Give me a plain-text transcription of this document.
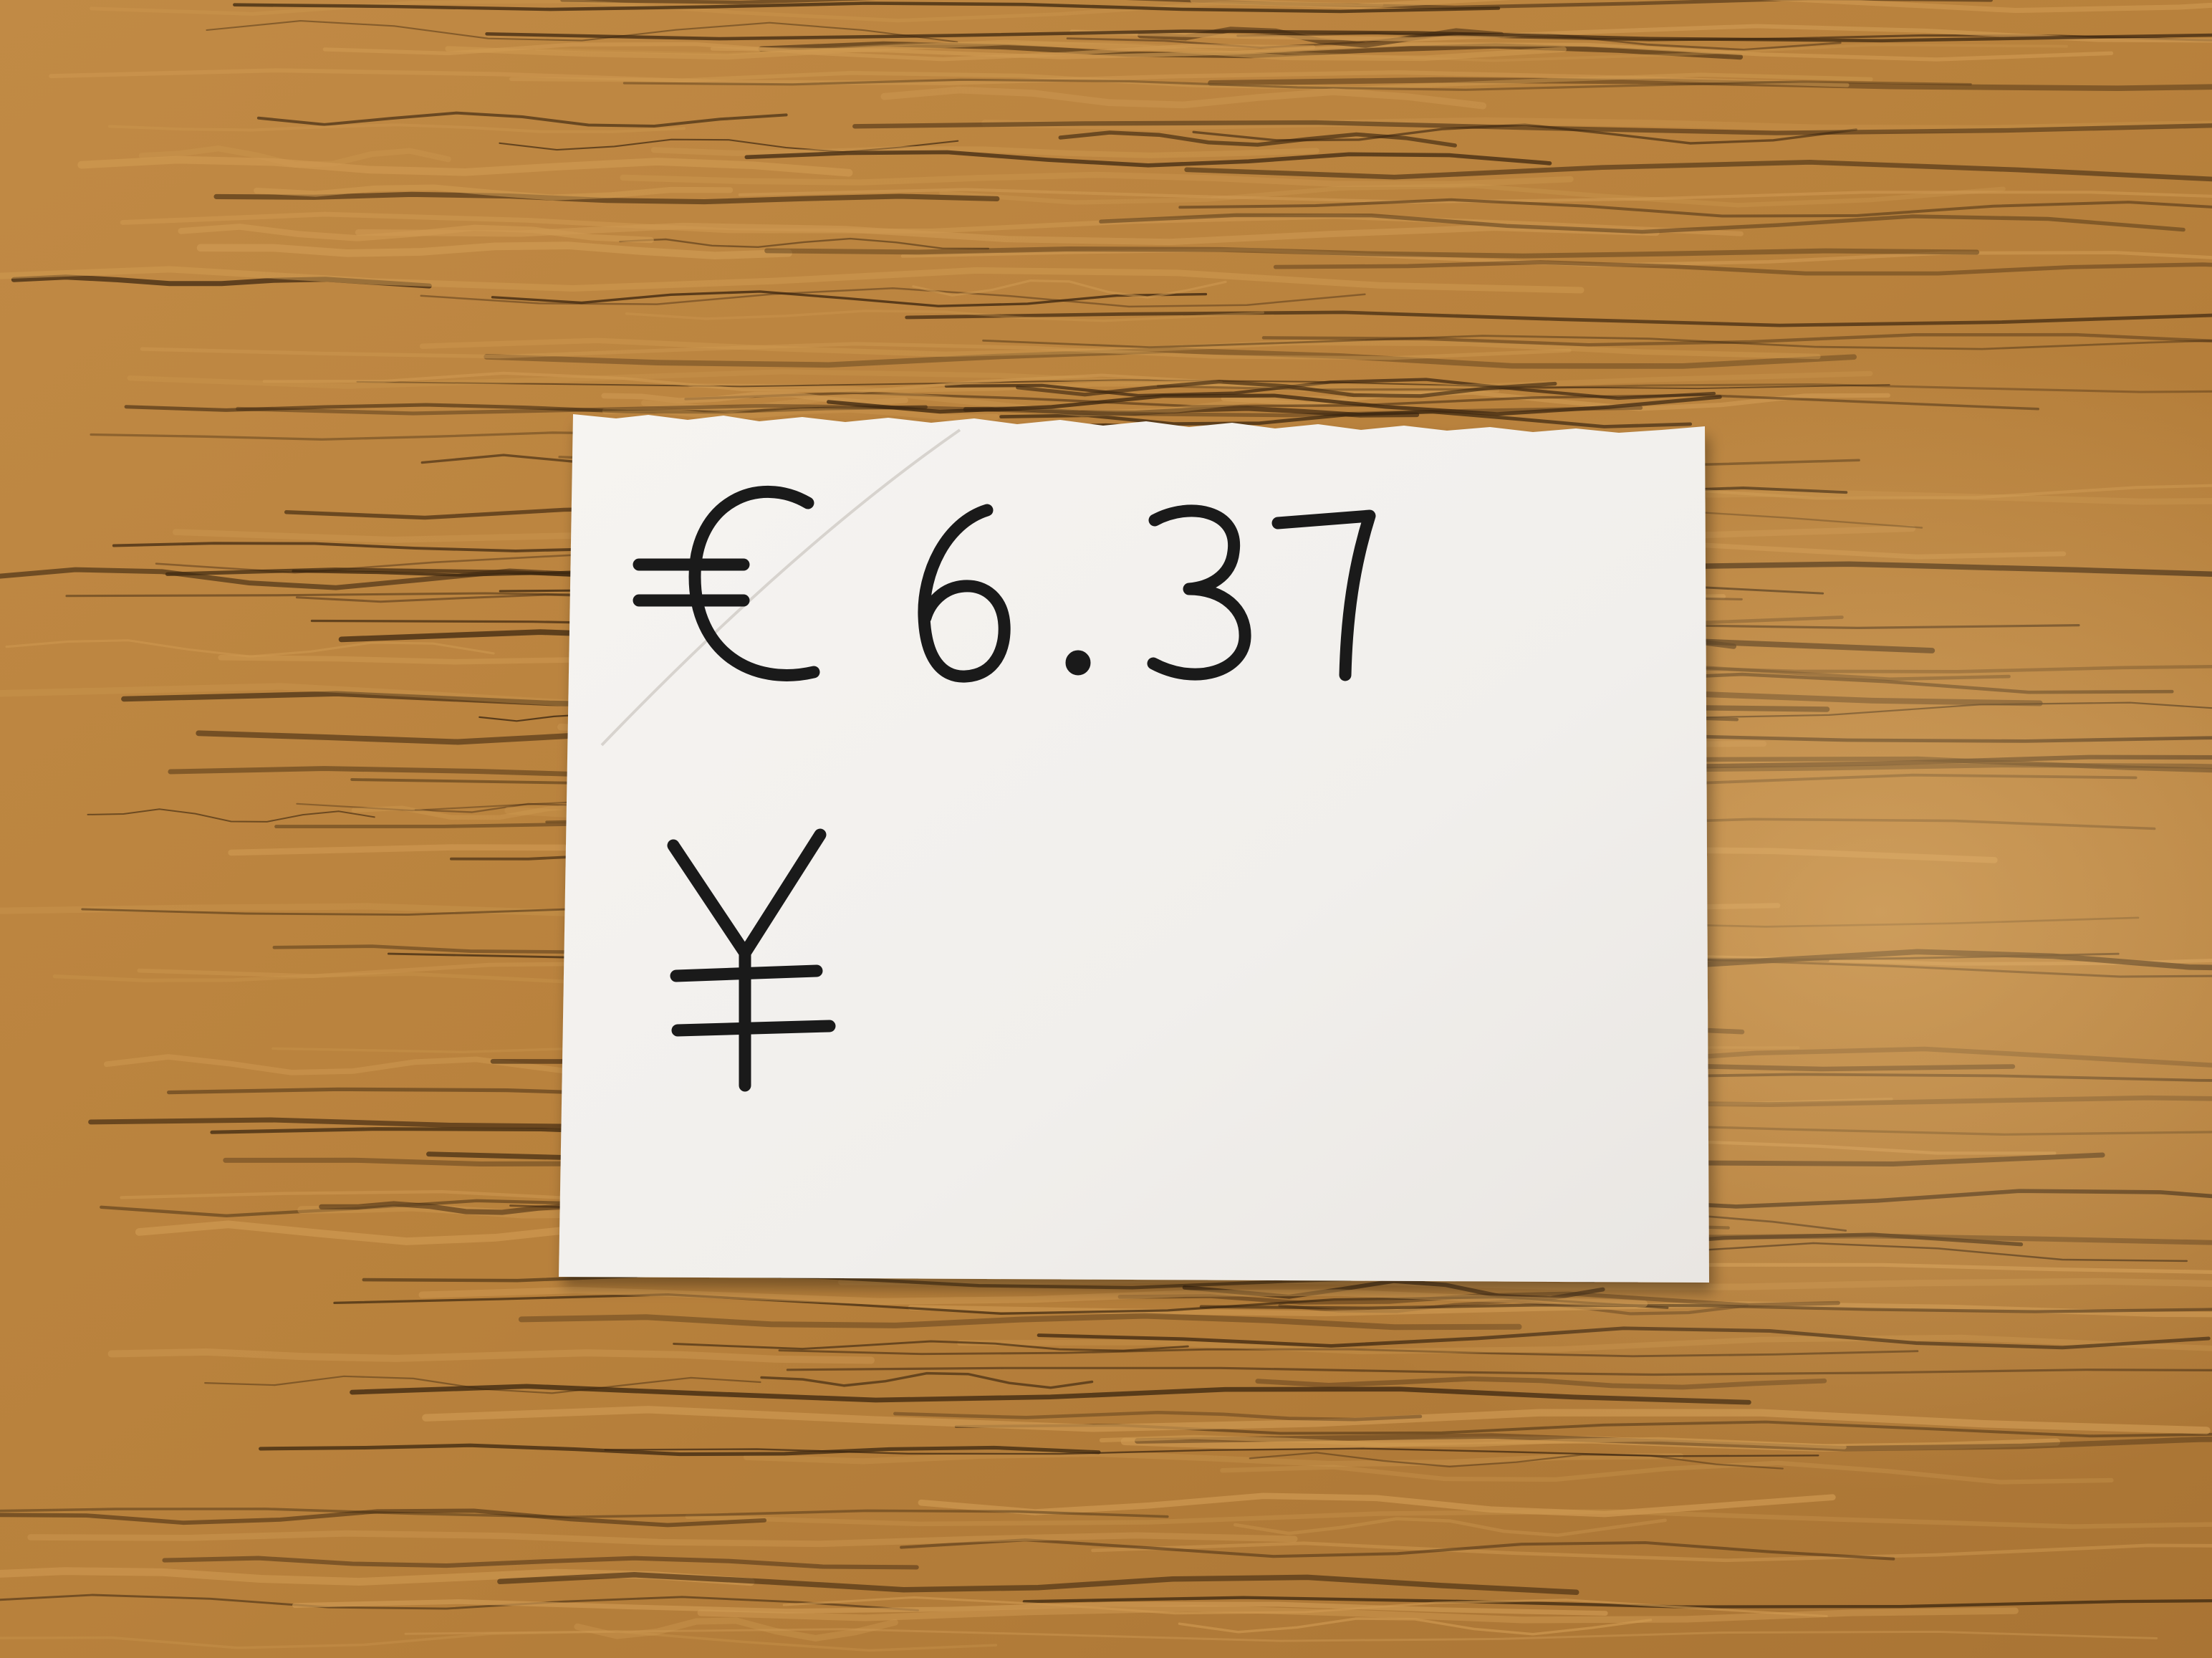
€
6.37
¥
